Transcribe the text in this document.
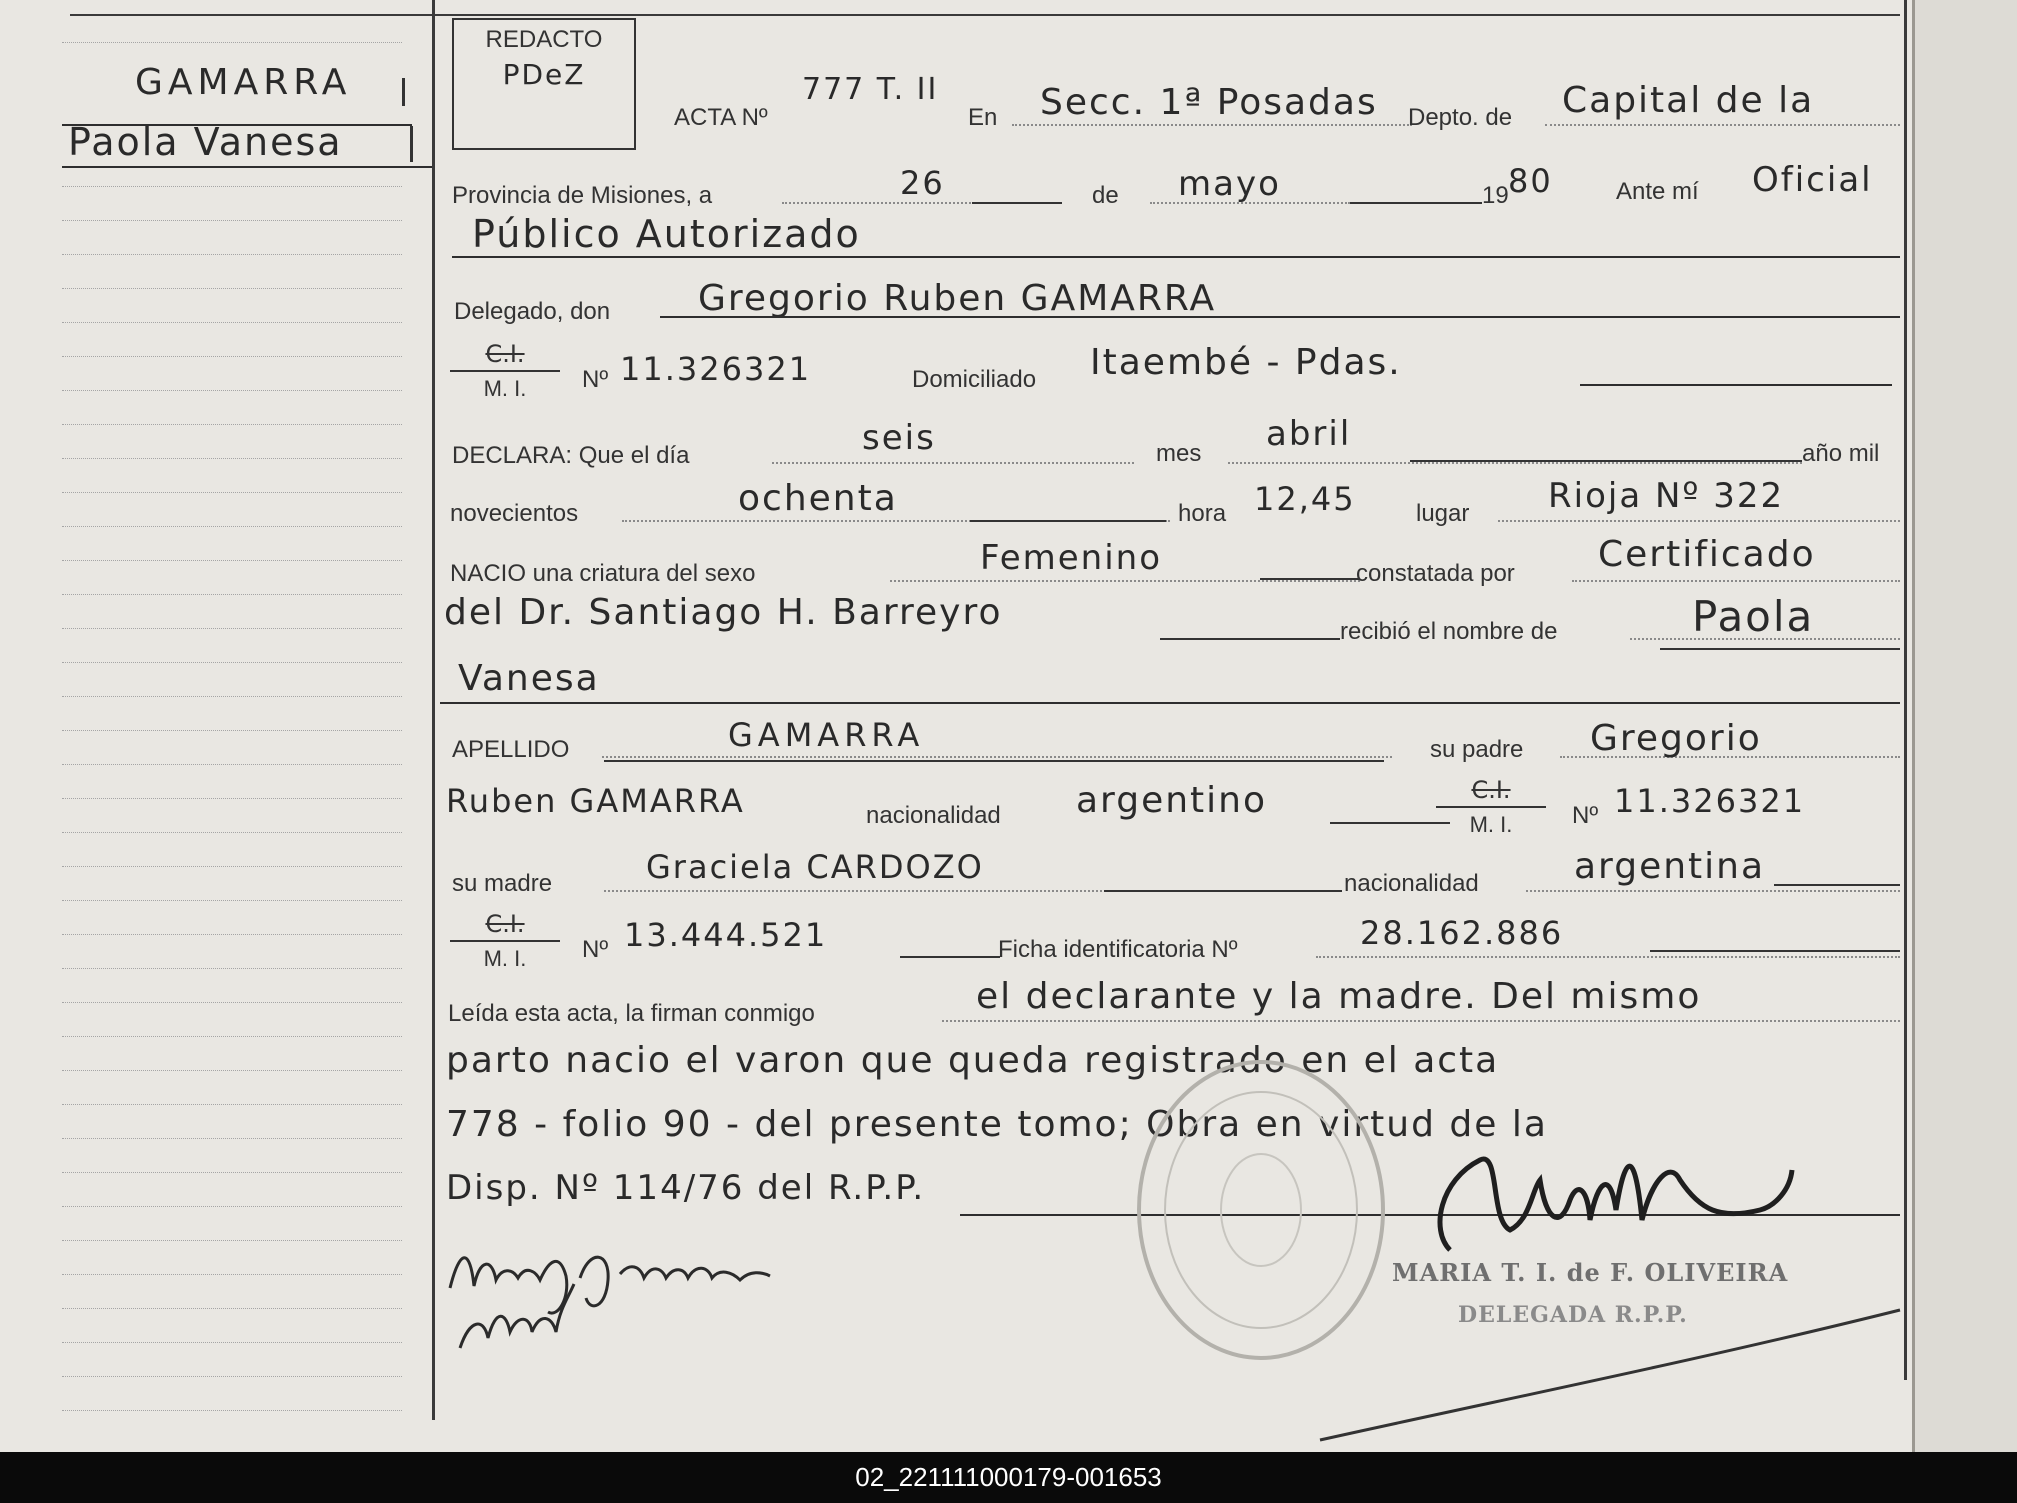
GAMARRA
Paola Vanesa
REDACTO
PDeZ
ACTA Nº
777 T. II
En Secc. 1ª Posadas Depto. de Capital de la
Provincia de Misiones, a	26	de mayo	19 80	Ante mí Oficial
Público Autorizado
Delegado, don Gregorio Ruben GAMARRA
C.I.
M. I.	Nº 11.326321	Domiciliado Itaembé - Pdas.
DECLARA: Que el día	seis	mes abril	año mil
novecientos	ochenta	hora 12,45	lugar Rioja Nº 322
NACIO una criatura del sexo	Femenino	constatada por Certificado
del Dr. Santiago H. Barreyro	recibió el nombre de	Paola
Vanesa
APELLIDO	GAMARRA	su padre Gregorio
Ruben GAMARRA	nacionalidad argentino	C.I.
M. I.	Nº 11.326321
su madre	Graciela CARDOZO	nacionalidad	argentina
C.I.
M. I.	Nº 13.444.521	Ficha identificatoria Nº	28.162.886
Leída esta acta, la firman conmigo	el declarante y la madre. Del mismo
parto nacio el varon que queda registrado en el acta
778 - folio 90 - del presente tomo; Obra en virtud de la
Disp. Nº 114/76 del R.P.P.
MARIA T. I. de F. OLIVEIRA
DELEGADA R.P.P.
02_221111000179-001653
